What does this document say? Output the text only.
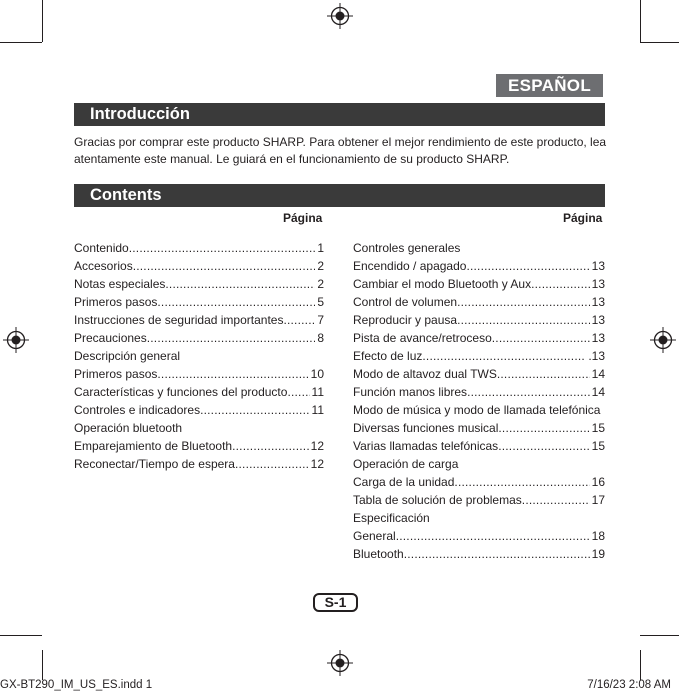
ESPAÑOL
Introducción
Gracias por comprar este producto SHARP. Para obtener el mejor rendimiento de este producto, lea atentamente este manual. Le guiará en el funcionamiento de su producto SHARP.
Contents
Página	Página
Contenido .....	1
Accesorios .....	2
Notas especiales .....	2
Primeros pasos .....	5
Instrucciones de seguridad importantes .....	7
Precauciones .....	8
Descripción general
Primeros pasos .....	10
Características y funciones del producto ..... 11
Controles e indicadores .....	11
Operación bluetooth
Emparejamiento de Bluetooth .....	12
Reconectar/Tiempo de espera .....	12
Controles generales
Encendido / apagado .....	13
Cambiar el modo Bluetooth y Aux .....	13
Control de volumen .....	13
Reproducir y pausa .....	13
Pista de avance/retroceso .....	13
Efecto de luz .....	.13
Modo de altavoz dual TWS .....	14
Función manos libres .....	14
Modo de música y modo de llamada telefónica
Diversas funciones musical .....	15
Varias llamadas telefónicas .....	15
Operación de carga
Carga de la unidad .....	16
Tabla de solución de problemas .....	17
Especificación
General .....	18
Bluetooth .....	19
S-1
GX-BT290_IM_US_ES.indd 1	7/16/23 2:08 AM
